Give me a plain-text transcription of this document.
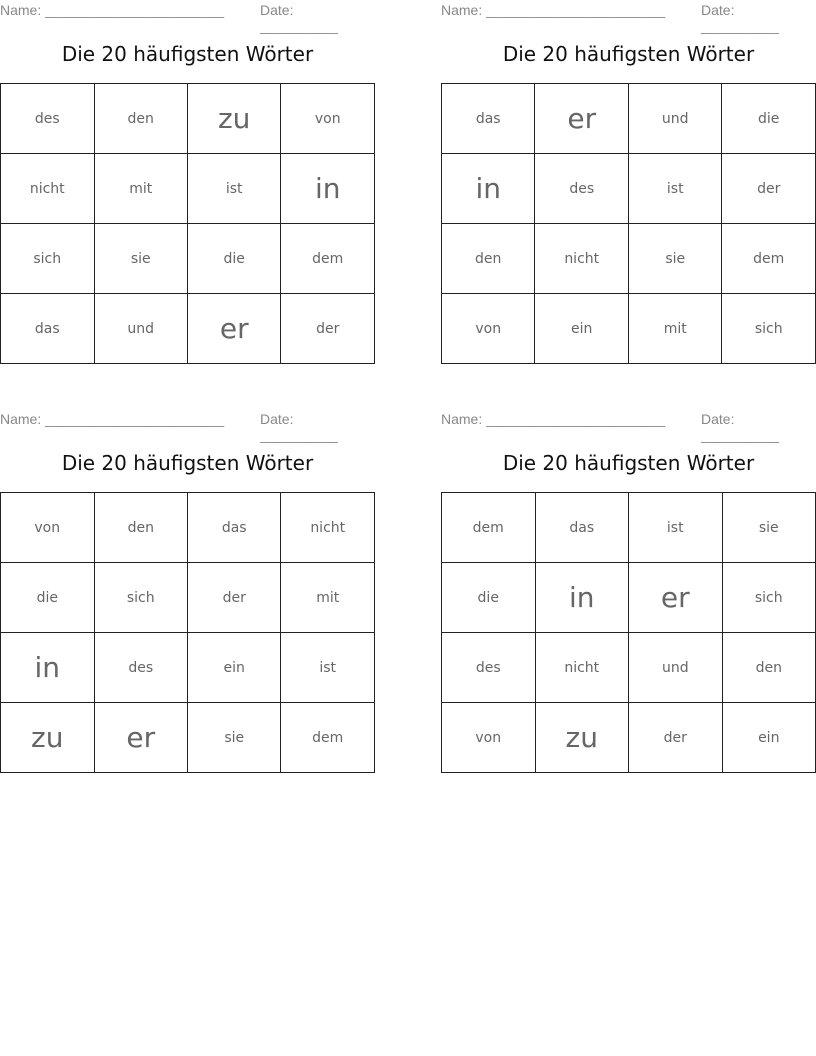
Name: _______________________	Date: __________
Die 20 häufigsten Wörter
des	den	zu	von
nicht	mit	ist	in
sich	sie	die	dem
das	und	er	der
Name: _______________________	Date: __________
Die 20 häufigsten Wörter
das	er	und	die
in	des	ist	der
den	nicht	sie	dem
von	ein	mit	sich
Name: _______________________	Date: __________
Die 20 häufigsten Wörter
von	den	das	nicht
die	sich	der	mit
in	des	ein	ist
zu	er	sie	dem
Name: _______________________	Date: __________
Die 20 häufigsten Wörter
dem	das	ist	sie
die	in	er	sich
des	nicht	und	den
von	zu	der	ein
